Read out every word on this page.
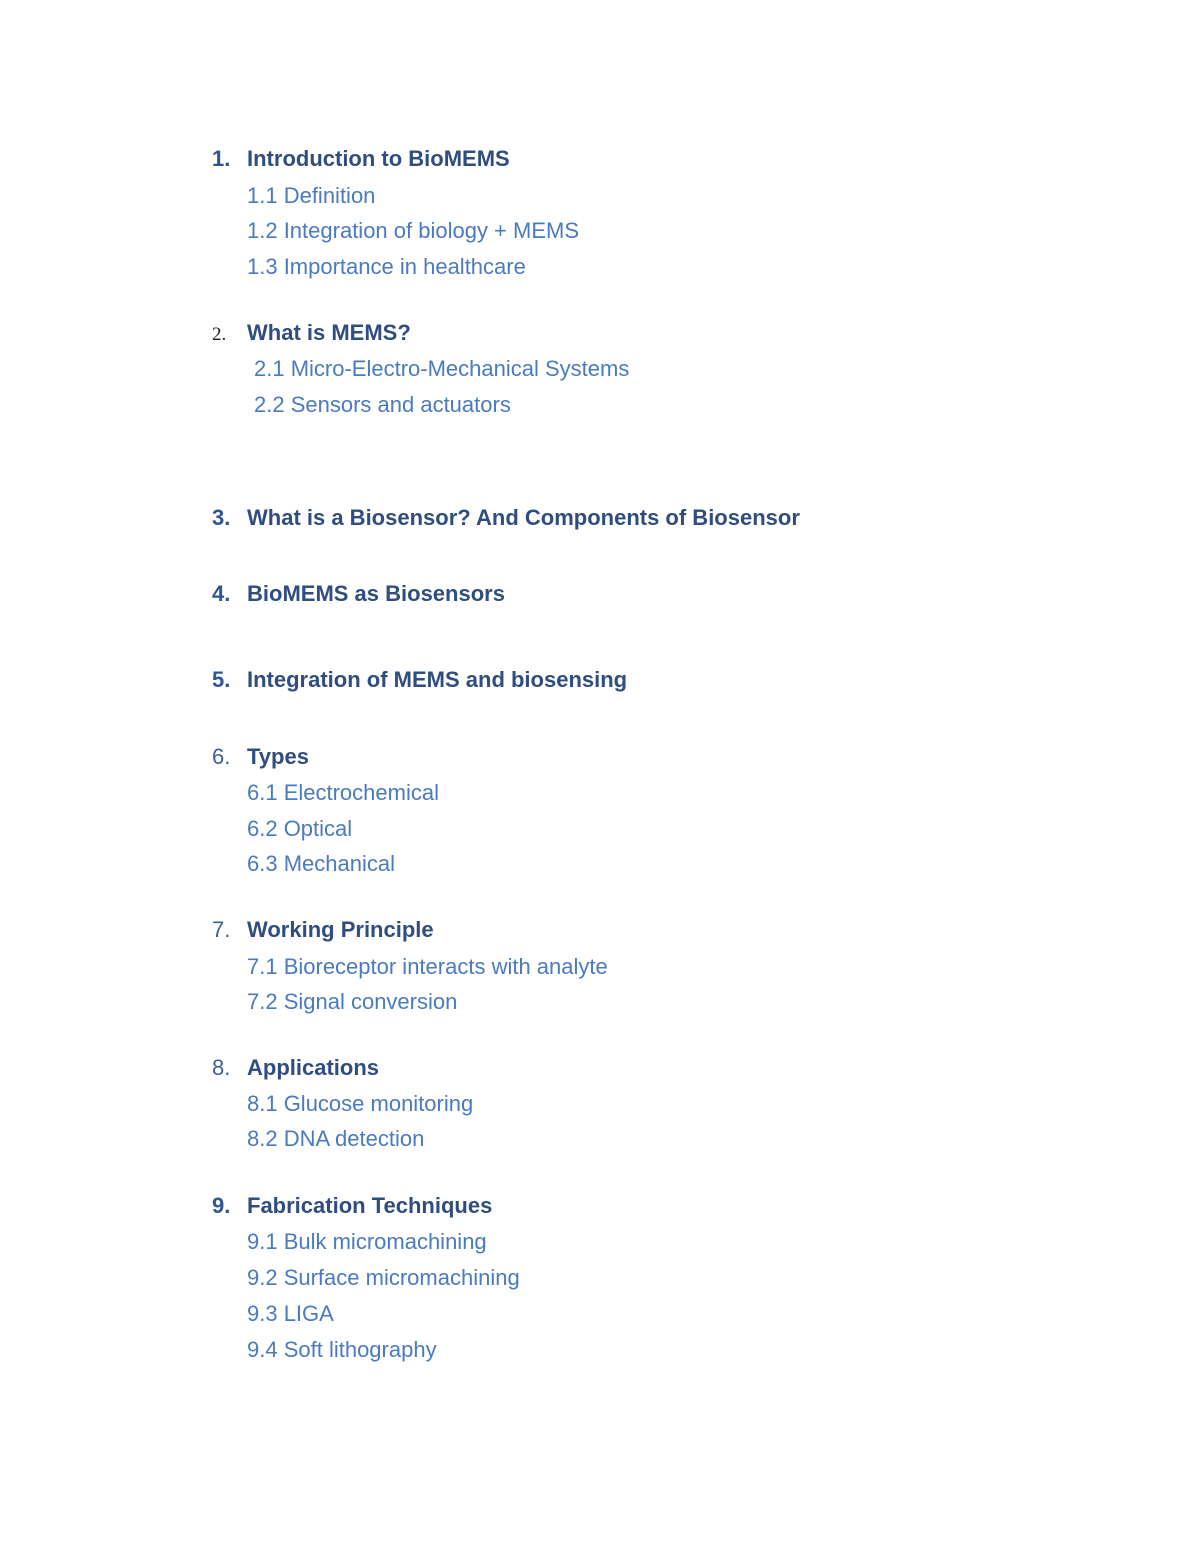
1. Introduction to BioMEMS
1.1 Definition
1.2 Integration of biology + MEMS
1.3 Importance in healthcare
2. What is MEMS?
2.1 Micro-Electro-Mechanical Systems
2.2 Sensors and actuators
3. What is a Biosensor? And Components of Biosensor
4. BioMEMS as Biosensors
5. Integration of MEMS and biosensing
6. Types
6.1 Electrochemical
6.2 Optical
6.3 Mechanical
7. Working Principle
7.1 Bioreceptor interacts with analyte
7.2 Signal conversion
8. Applications
8.1 Glucose monitoring
8.2 DNA detection
9. Fabrication Techniques
9.1 Bulk micromachining
9.2 Surface micromachining
9.3 LIGA
9.4 Soft lithography
